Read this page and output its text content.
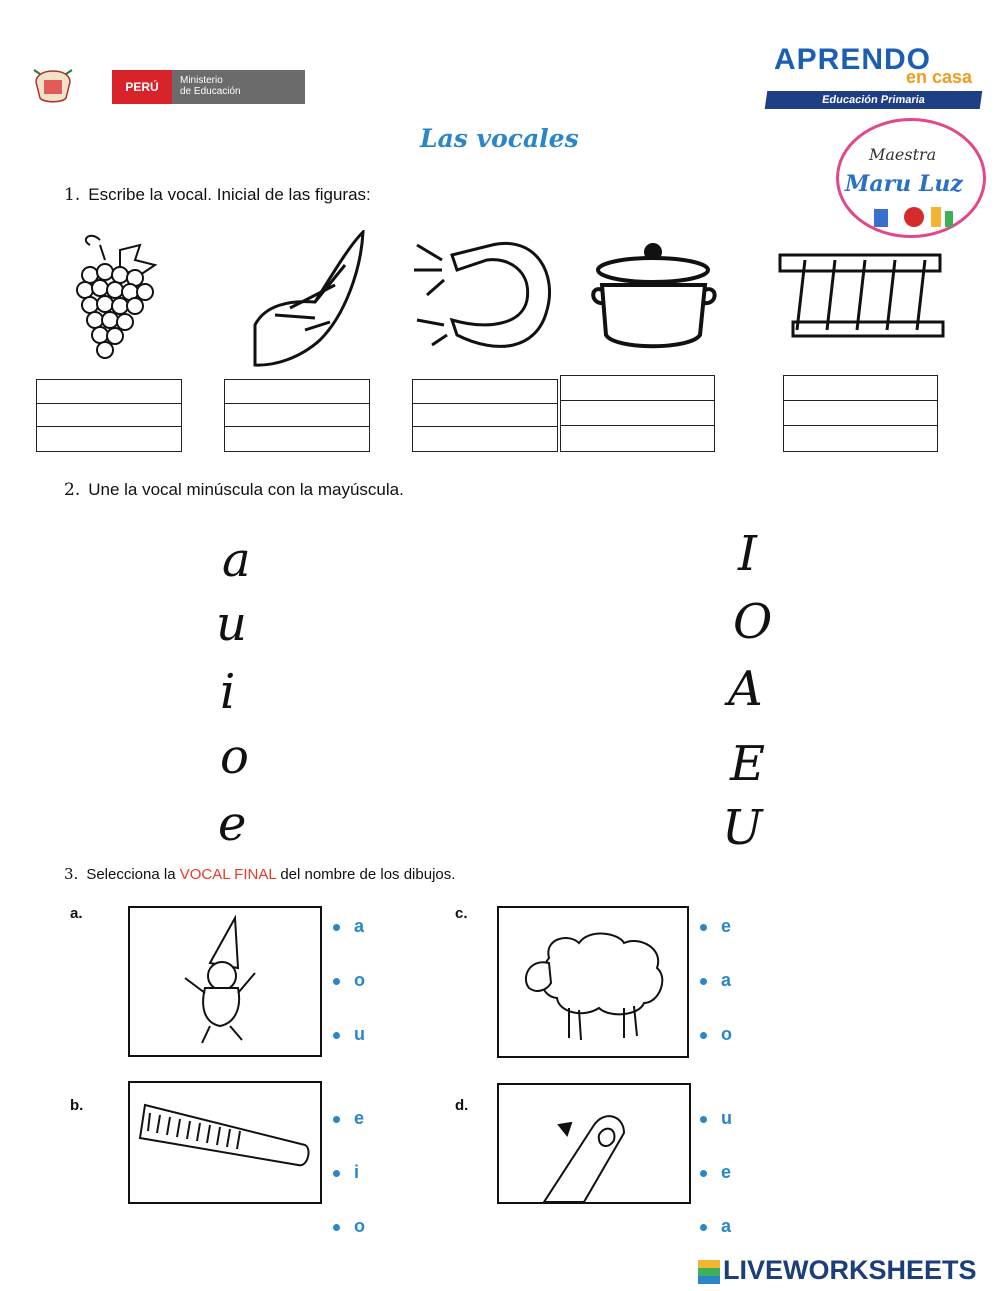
PERÚ	Ministerio
de Educación
APRENDO
en casa
Educación Primaria
Maestra
Maru Luz
Las vocales
1. Escribe la vocal. Inicial de las figuras:
2. Une la vocal minúscula con la mayúscula.
a
u
i
o
e
I
O
A
E
U
3. Selecciona la VOCAL FINAL del nombre de los dibujos.
a.
a
o
u
b.
e
i
o
c.
e
a
o
d.
u
e
a
LIVEWORKSHEETS
